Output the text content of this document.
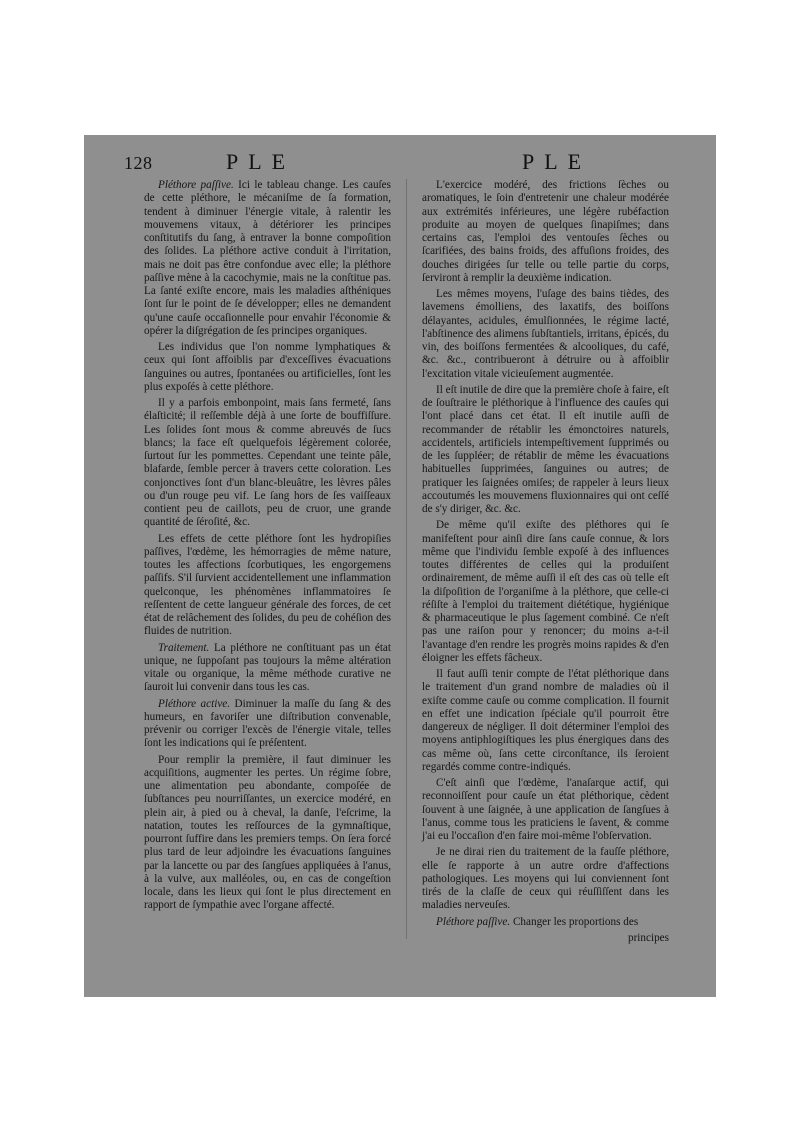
128	PLE	PLE

Pléthore paſſive. Ici le tableau change. Les cauſes de cette pléthore, le mécaniſme de ſa formation, tendent à diminuer l'énergie vitale, à ralentir les mouvemens vitaux, à détériorer les principes conſtitutifs du ſang, à entraver la bonne compoſition des ſolides. La pléthore active conduit à l'irritation, mais ne doit pas être confondue avec elle; la pléthore paſſive mène à la cacochymie, mais ne la conſtitue pas. La ſanté exiſte encore, mais les maladies aſthéniques ſont ſur le point de ſe développer; elles ne demandent qu'une cauſe occaſionnelle pour envahir l'économie & opérer la diſgrégation de ſes principes organiques.

Les individus que l'on nomme lymphatiques & ceux qui ſont affoiblis par d'exceſſives évacuations ſanguines ou autres, ſpontanées ou artificielles, ſont les plus expoſés à cette pléthore.

Il y a parfois embonpoint, mais ſans fermeté, ſans élaſticité; il reſſemble déjà à une ſorte de bouffiſſure. Les ſolides ſont mous & comme abreuvés de ſucs blancs; la face eſt quelquefois légèrement colorée, ſurtout ſur les pommettes. Cependant une teinte pâle, blafarde, ſemble percer à travers cette coloration. Les conjonctives ſont d'un blanc-bleuâtre, les lèvres pâles ou d'un rouge peu vif. Le ſang hors de ſes vaiſſeaux contient peu de caillots, peu de cruor, une grande quantité de ſéroſité, &c.

Les effets de cette pléthore ſont les hydropiſies paſſives, l'œdème, les hémorragies de même nature, toutes les affections ſcorbutiques, les engorgemens paſſifs. S'il ſurvient accidentellement une inflammation quelconque, les phénomènes inflammatoires ſe reſſentent de cette langueur générale des forces, de cet état de relâchement des ſolides, du peu de cohéſion des fluides de nutrition.

Traitement. La pléthore ne conſtituant pas un état unique, ne ſuppoſant pas toujours la même altération vitale ou organique, la même méthode curative ne ſauroit lui convenir dans tous les cas.

Pléthore active. Diminuer la maſſe du ſang & des humeurs, en favoriſer une diſtribution convenable, prévenir ou corriger l'excès de l'énergie vitale, telles ſont les indications qui ſe préſentent.

Pour remplir la première, il faut diminuer les acquiſitions, augmenter les pertes. Un régime ſobre, une alimentation peu abondante, compoſée de ſubſtances peu nourriſſantes, un exercice modéré, en plein air, à pied ou à cheval, la danſe, l'eſcrime, la natation, toutes les reſſources de la gymnaſtique, pourront ſuffire dans les premiers temps. On ſera forcé plus tard de leur adjoindre les évacuations ſanguines par la lancette ou par des ſangſues appliquées à l'anus, à la vulve, aux malléoles, ou, en cas de congeſtion locale, dans les lieux qui ſont le plus directement en rapport de ſympathie avec l'organe affecté.

L'exercice modéré, des frictions ſèches ou aromatiques, le ſoin d'entretenir une chaleur modérée aux extrémités inférieures, une légère rubéfaction produite au moyen de quelques ſinapiſmes; dans certains cas, l'emploi des ventouſes ſèches ou ſcarifiées, des bains froids, des affuſions froides, des douches dirigées ſur telle ou telle partie du corps, ſerviront à remplir la deuxième indication.

Les mêmes moyens, l'uſage des bains tièdes, des lavemens émolliens, des laxatifs, des boiſſons délayantes, acidules, émulſionnées, le régime lacté, l'abſtinence des alimens ſubſtantiels, irritans, épicés, du vin, des boiſſons fermentées & alcooliques, du café, &c. &c., contribueront à détruire ou à affoiblir l'excitation vitale vicieuſement augmentée.

Il eſt inutile de dire que la première choſe à faire, eſt de ſouſtraire le pléthorique à l'influence des cauſes qui l'ont placé dans cet état. Il eſt inutile auſſi de recommander de rétablir les émonctoires naturels, accidentels, artificiels intempeſtivement ſupprimés ou de les ſuppléer; de rétablir de même les évacuations habituelles ſupprimées, ſanguines ou autres; de pratiquer les ſaignées omiſes; de rappeler à leurs lieux accoutumés les mouvemens fluxionnaires qui ont ceſſé de s'y diriger, &c. &c.

De même qu'il exiſte des pléthores qui ſe manifeſtent pour ainſi dire ſans cauſe connue, & lors même que l'individu ſemble expoſé à des influences toutes différentes de celles qui la produiſent ordinairement, de même auſſi il eſt des cas où telle eſt la diſpoſition de l'organiſme à la pléthore, que celle-ci réſiſte à l'emploi du traitement diététique, hygiénique & pharmaceutique le plus ſagement combiné. Ce n'eſt pas une raiſon pour y renoncer; du moins a-t-il l'avantage d'en rendre les progrès moins rapides & d'en éloigner les effets fâcheux.

Il faut auſſi tenir compte de l'état pléthorique dans le traitement d'un grand nombre de maladies où il exiſte comme cauſe ou comme complication. Il fournit en effet une indication ſpéciale qu'il pourroit être dangereux de négliger. Il doit déterminer l'emploi des moyens antiphlogiſtiques les plus énergiques dans des cas même où, ſans cette circonſtance, ils ſeroient regardés comme contre-indiqués.

C'eſt ainſi que l'œdème, l'anaſarque actif, qui reconnoiſſent pour cauſe un état pléthorique, cèdent ſouvent à une ſaignée, à une application de ſangſues à l'anus, comme tous les praticiens le ſavent, & comme j'ai eu l'occaſion d'en faire moi-même l'obſervation.

Je ne dirai rien du traitement de la fauſſe pléthore, elle ſe rapporte à un autre ordre d'affections pathologiques. Les moyens qui lui conviennent ſont tirés de la claſſe de ceux qui réuſſiſſent dans les maladies nerveuſes.

Pléthore paſſive. Changer les proportions des

principes
